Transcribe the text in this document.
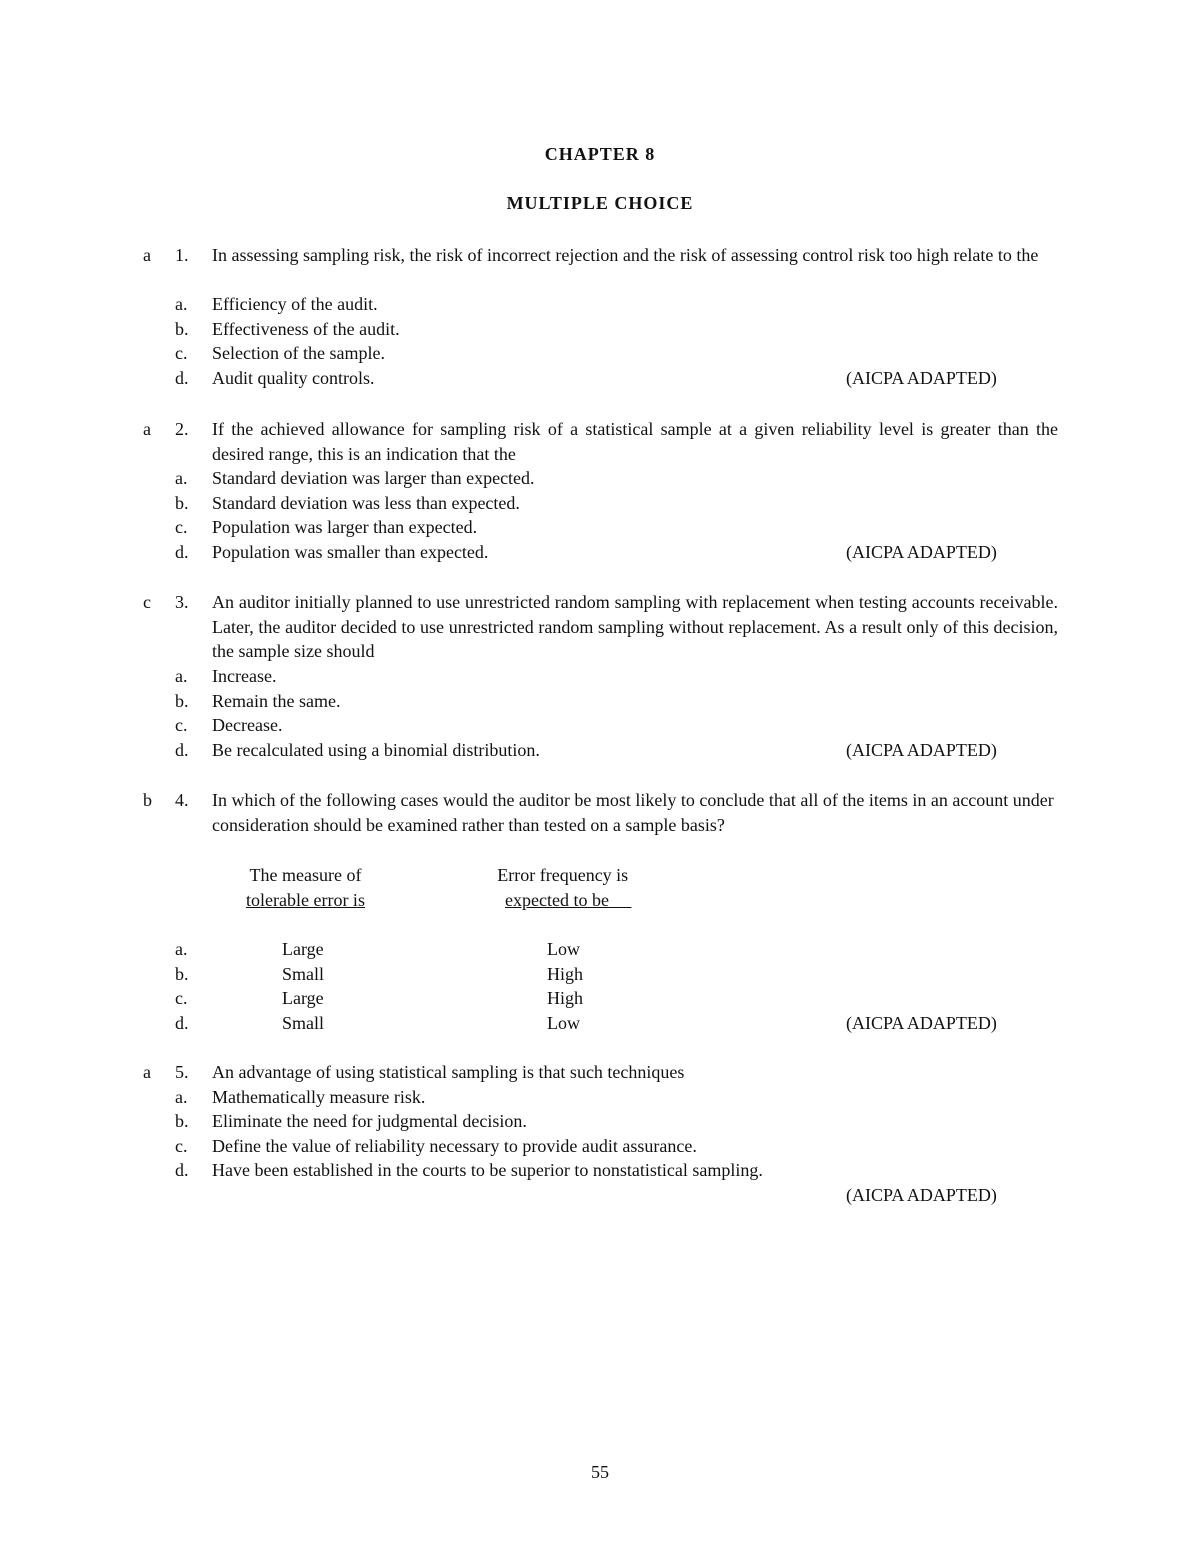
CHAPTER 8
MULTIPLE CHOICE
a 1. In assessing sampling risk, the risk of incorrect rejection and the risk of assessing control risk too high relate to the
a. Efficiency of the audit.
b. Effectiveness of the audit.
c. Selection of the sample.
d. Audit quality controls.	(AICPA ADAPTED)
a 2. If the achieved allowance for sampling risk of a statistical sample at a given reliability level is greater than the desired range, this is an indication that the
a. Standard deviation was larger than expected.
b. Standard deviation was less than expected.
c. Population was larger than expected.
d. Population was smaller than expected.	(AICPA ADAPTED)
c 3. An auditor initially planned to use unrestricted random sampling with replacement when testing accounts receivable. Later, the auditor decided to use unrestricted random sampling without replacement. As a result only of this decision, the sample size should
a. Increase.
b. Remain the same.
c. Decrease.
d. Be recalculated using a binomial distribution.	(AICPA ADAPTED)
b 4. In which of the following cases would the auditor be most likely to conclude that all of the items in an account under consideration should be examined rather than tested on a sample basis?
The measure of
tolerable error is
Error frequency is
expected to be
a.	Large	Low
b.	Small	High
c.	Large	High
d.	Small	Low	(AICPA ADAPTED)
a 5. An advantage of using statistical sampling is that such techniques
a. Mathematically measure risk.
b. Eliminate the need for judgmental decision.
c. Define the value of reliability necessary to provide audit assurance.
d. Have been established in the courts to be superior to nonstatistical sampling.
(AICPA ADAPTED)
55
